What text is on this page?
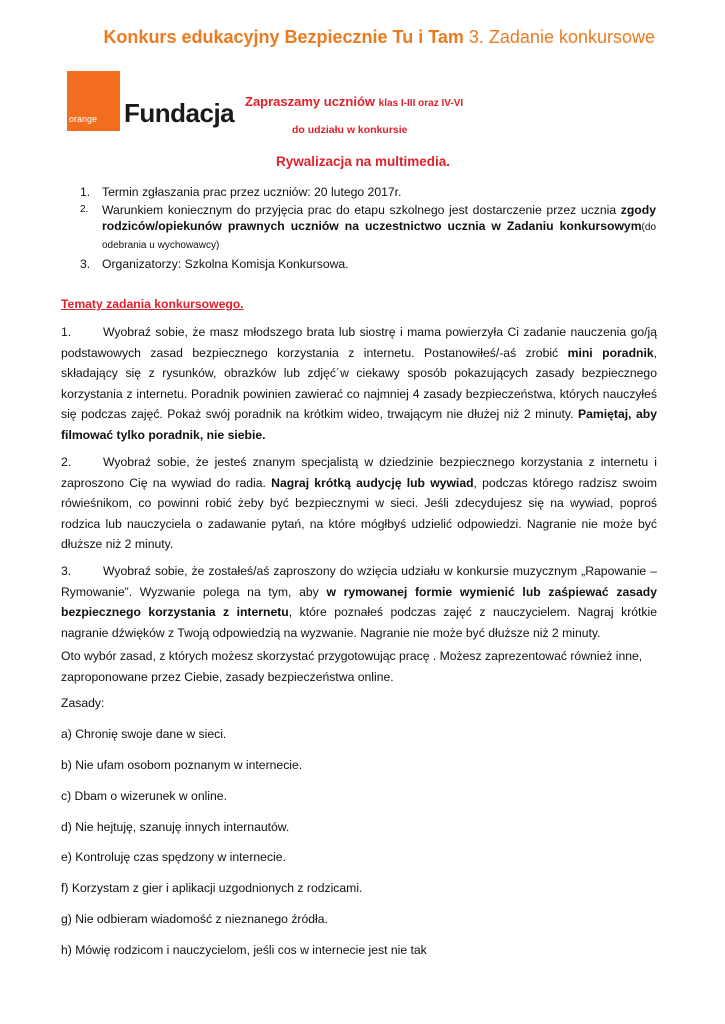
Konkurs edukacyjny Bezpiecznie Tu i Tam 3. Zadanie konkursowe
orange Fundacja Zapraszamy uczniów klas I-III oraz IV-VI
do udziału w konkursie
Rywalizacja na multimedia.
1. Termin zgłaszania prac przez uczniów: 20 lutego 2017r.
2. Warunkiem koniecznym do przyjęcia prac do etapu szkolnego jest dostarczenie przez ucznia zgody rodziców/opiekunów prawnych uczniów na uczestnictwo ucznia w Zadaniu konkursowym(do odebrania u wychowawcy)
3. Organizatorzy: Szkolna Komisja Konkursowa.
Tematy zadania konkursowego.
1.	Wyobraź sobie, że masz młodszego brata lub siostrę i mama powierzyła Ci zadanie nauczenia go/ją podstawowych zasad bezpiecznego korzystania z internetu. Postanowiłeś/-aś zrobić mini poradnik, składający się z rysunków, obrazków lub zdjęć´w ciekawy sposób pokazujących zasady bezpiecznego korzystania z internetu. Poradnik powinien zawierać co najmniej 4 zasady bezpieczeństwa, których nauczyłeś się podczas zajęć. Pokaż swój poradnik na krótkim wideo, trwającym nie dłużej niż 2 minuty. Pamiętaj, aby filmować tylko poradnik, nie siebie.
2.	Wyobraź sobie, że jesteś znanym specjalistą w dziedzinie bezpiecznego korzystania z internetu i zaproszono Cię na wywiad do radia. Nagraj krótką audycję lub wywiad, podczas którego radzisz swoim rówieśnikom, co powinni robić żeby być bezpiecznymi w sieci. Jeśli zdecydujesz się na wywiad, poproś rodzica lub nauczyciela o zadawanie pytań, na które mógłbyś udzielić odpowiedzi. Nagranie nie może być dłuższe niż 2 minuty.
3.	Wyobraź sobie, że zostałeś/aś zaproszony do wzięcia udziału w konkursie muzycznym „Rapowanie – Rymowanie”. Wyzwanie polega na tym, aby w rymowanej formie wymienić lub zaśpiewać zasady bezpiecznego korzystania z internetu, które poznałeś podczas zajęć z nauczycielem. Nagraj krótkie nagranie dźwięków z Twoją odpowiedzią na wyzwanie. Nagranie nie może być dłuższe niż 2 minuty.
Oto wybór zasad, z których możesz skorzystać przygotowując pracę . Możesz zaprezentować również inne, zaproponowane przez Ciebie, zasady bezpieczeństwa online.
Zasady:
a) Chronię swoje dane w sieci.
b) Nie ufam osobom poznanym w internecie.
c) Dbam o wizerunek w online.
d) Nie hejtuję, szanuję innych internautów.
e) Kontroluję czas spędzony w internecie.
f) Korzystam z gier i aplikacji uzgodnionych z rodzicami.
g) Nie odbieram wiadomość z nieznanego źródła.
h) Mówię rodzicom i nauczycielom, jeśli cos w internecie jest nie tak
